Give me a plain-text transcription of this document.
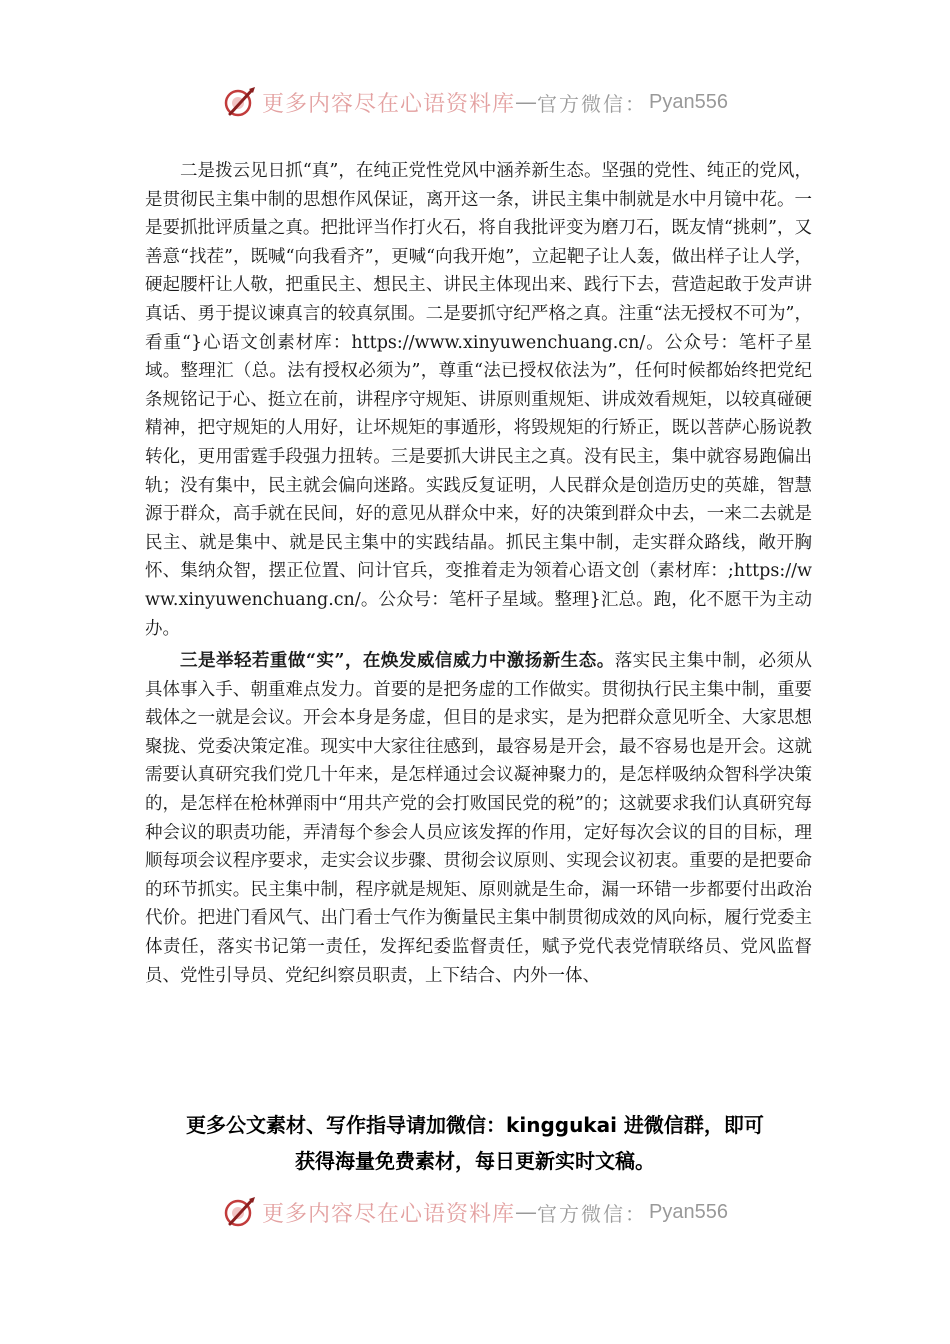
更多内容尽在心语资料库 — 官方微信： Pyan556

二是拨云见日抓“真”，在纯正党性党风中涵养新生态。坚强的党性、纯正的党风，是贯彻民主集中制的思想作风保证，离开这一条，讲民主集中制就是水中月镜中花。一是要抓批评质量之真。把批评当作打火石，将自我批评变为磨刀石，既友情“挑刺”，又善意“找茬”，既喊“向我看齐”，更喊“向我开炮”，立起靶子让人轰，做出样子让人学，硬起腰杆让人敬，把重民主、想民主、讲民主体现出来、践行下去，营造起敢于发声讲真话、勇于提议谏真言的较真氛围。二是要抓守纪严格之真。注重“法无授权不可为”，看重“}心语文创素材库：https://www.xinyuwenchuang.cn/。公众号：笔杆子星域。整理汇（总。法有授权必须为”，尊重“法已授权依法为”，任何时候都始终把党纪条规铭记于心、挺立在前，讲程序守规矩、讲原则重规矩、讲成效看规矩，以较真碰硬精神，把守规矩的人用好，让坏规矩的事遁形，将毁规矩的行矫正，既以菩萨心肠说教转化，更用雷霆手段强力扭转。三是要抓大讲民主之真。没有民主，集中就容易跑偏出轨；没有集中，民主就会偏向迷路。实践反复证明，人民群众是创造历史的英雄，智慧源于群众，高手就在民间，好的意见从群众中来，好的决策到群众中去，一来二去就是民主、就是集中、就是民主集中的实践结晶。抓民主集中制，走实群众路线，敞开胸怀、集纳众智，摆正位置、问计官兵，变推着走为领着心语文创（素材库：;https://www.xinyuwenchuang.cn/。公众号：笔杆子星域。整理}汇总。跑，化不愿干为主动办。

三是举轻若重做“实”，在焕发威信威力中激扬新生态。落实民主集中制，必须从具体事入手、朝重难点发力。首要的是把务虚的工作做实。贯彻执行民主集中制，重要载体之一就是会议。开会本身是务虚，但目的是求实，是为把群众意见听全、大家思想聚拢、党委决策定准。现实中大家往往感到，最容易是开会，最不容易也是开会。这就需要认真研究我们党几十年来，是怎样通过会议凝神聚力的，是怎样吸纳众智科学决策的，是怎样在枪林弹雨中“用共产党的会打败国民党的税”的；这就要求我们认真研究每种会议的职责功能，弄清每个参会人员应该发挥的作用，定好每次会议的目的目标，理顺每项会议程序要求，走实会议步骤、贯彻会议原则、实现会议初衷。重要的是把要命的环节抓实。民主集中制，程序就是规矩、原则就是生命，漏一环错一步都要付出政治代价。把进门看风气、出门看士气作为衡量民主集中制贯彻成效的风向标，履行党委主体责任，落实书记第一责任，发挥纪委监督责任，赋予党代表党情联络员、党风监督员、党性引导员、党纪纠察员职责，上下结合、内外一体、

更多公文素材、写作指导请加微信：kinggukai 进微信群，即可
获得海量免费素材，每日更新实时文稿。
更多内容尽在心语资料库 — 官方微信： Pyan556
